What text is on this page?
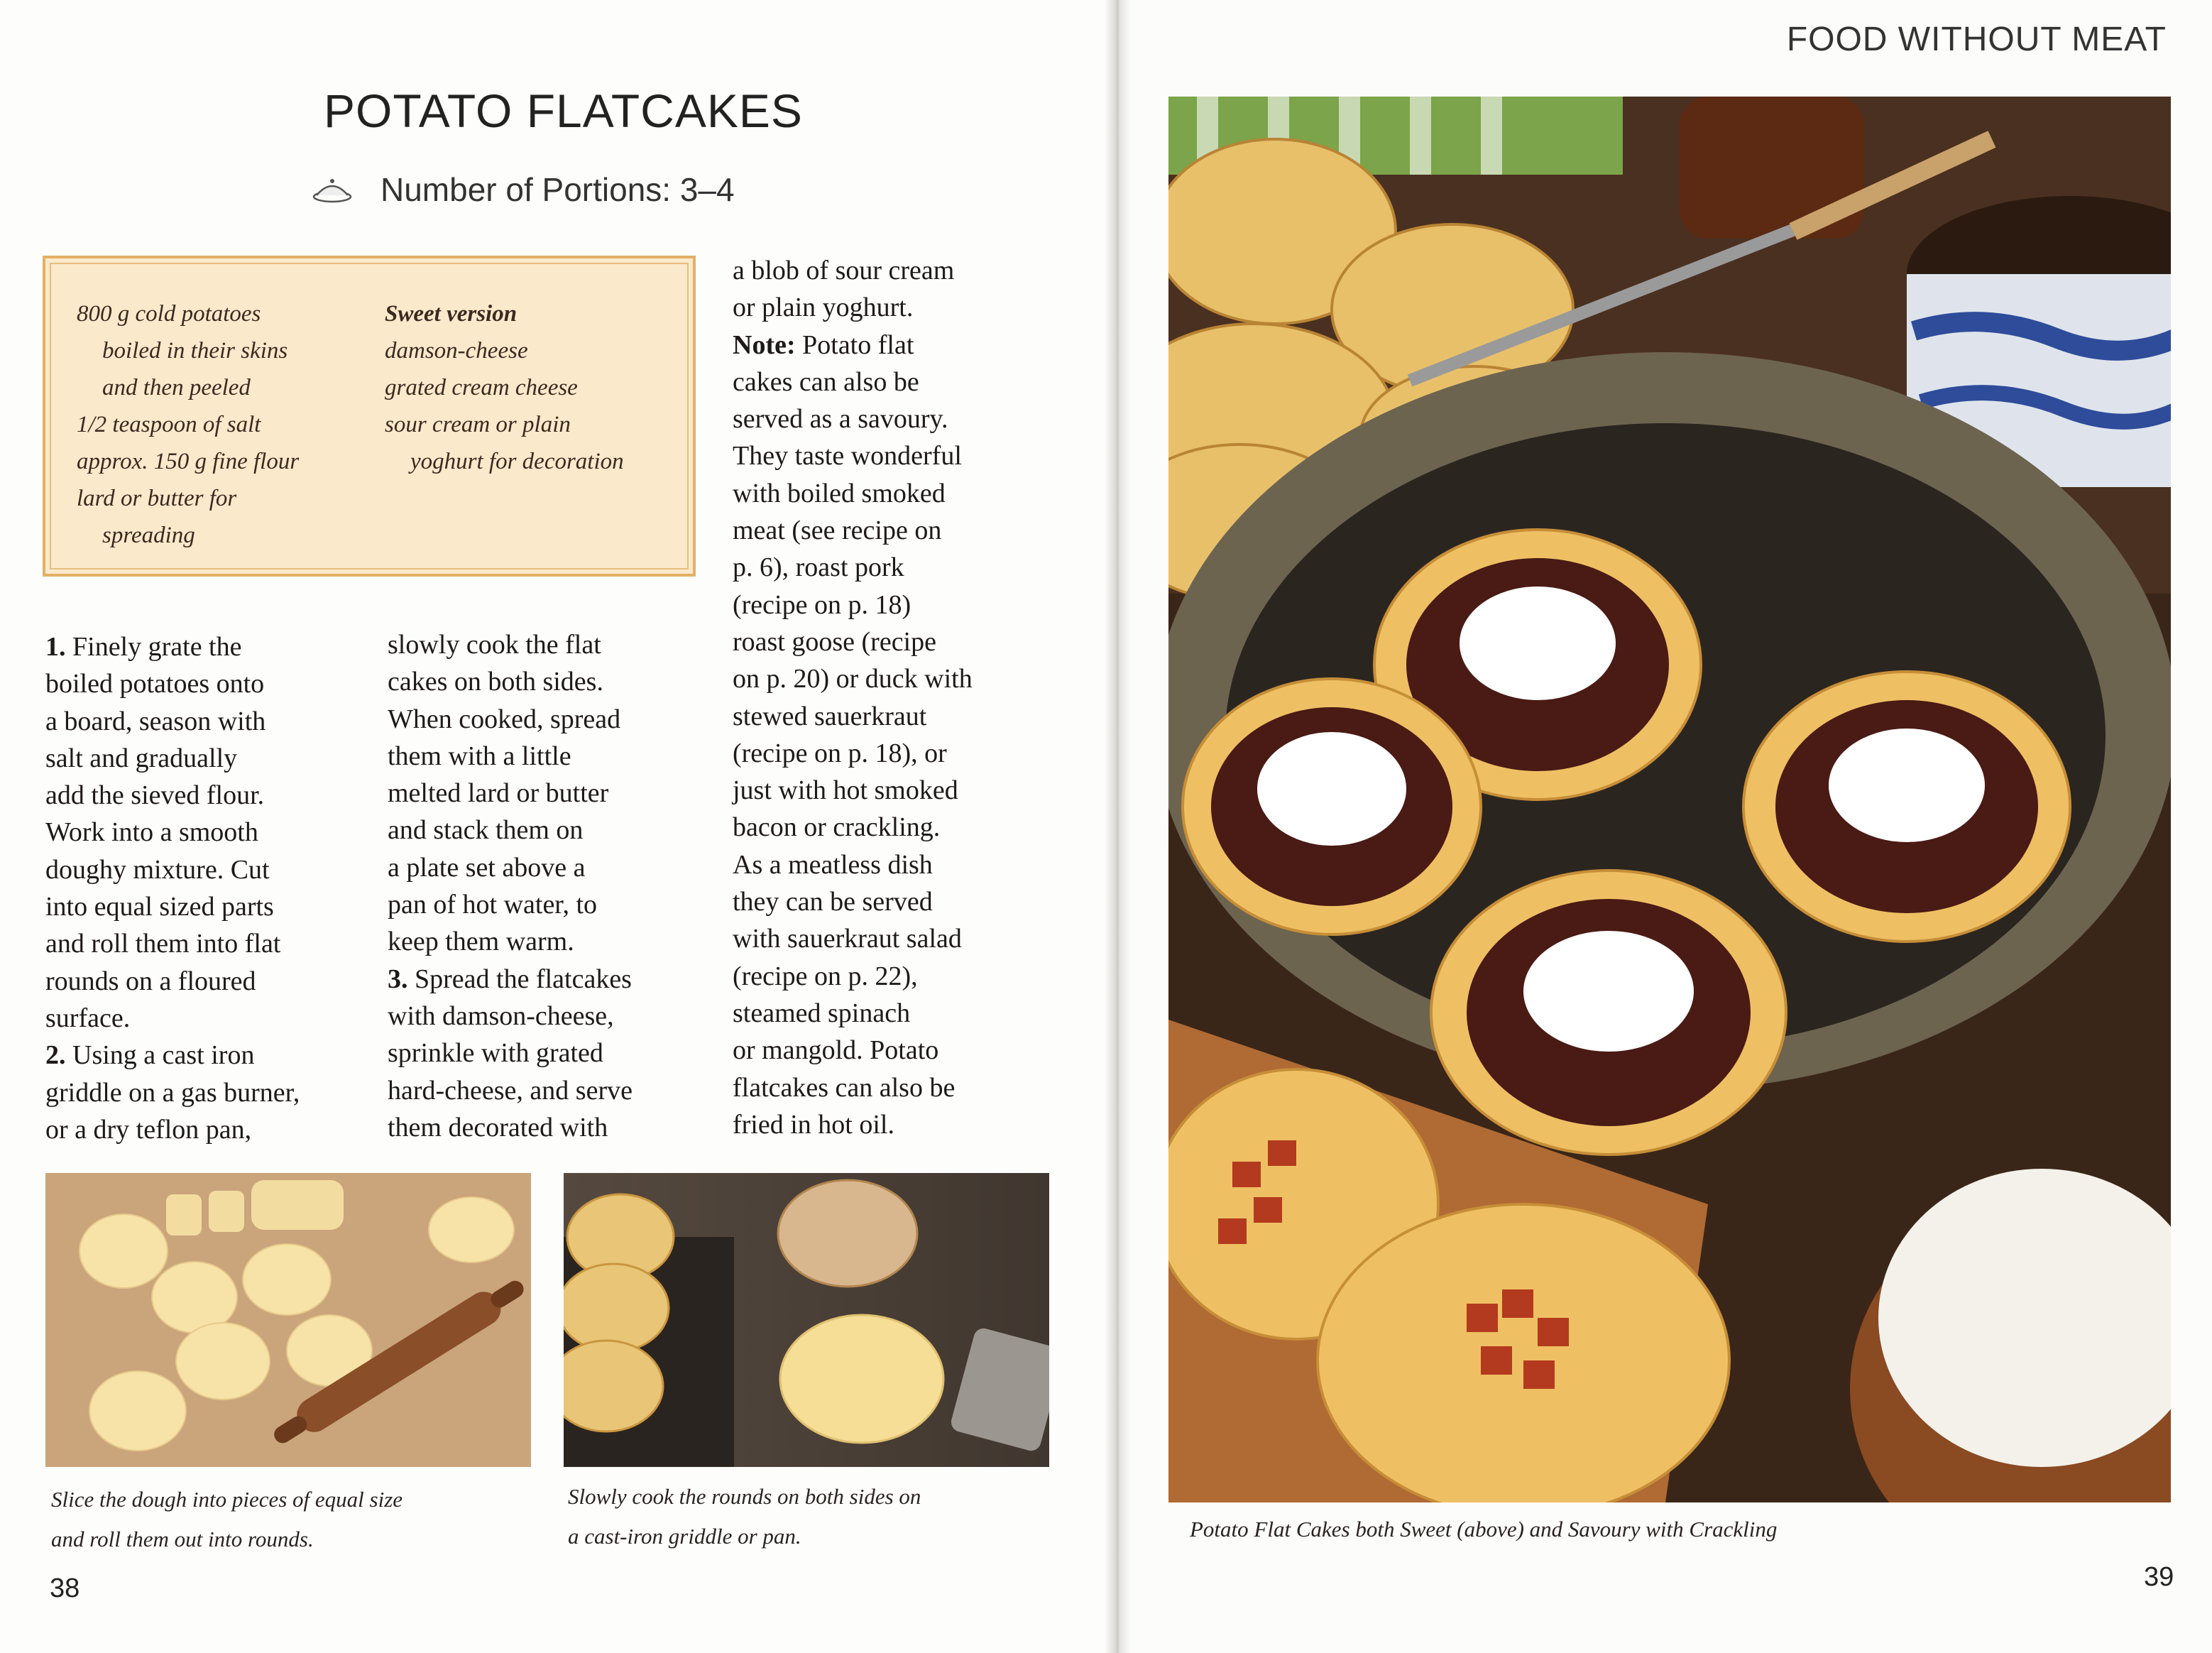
POTATO FLATCAKES
Number of Portions: 3–4
800 g cold potatoes
boiled in their skins
and then peeled
1/2 teaspoon of salt
approx. 150 g fine flour
lard or butter for
spreading
Sweet version
damson-cheese
grated cream cheese
sour cream or plain
yoghurt for decoration
a blob of sour cream
or plain yoghurt.
Note: Potato flat
cakes can also be
served as a savoury.
They taste wonderful
with boiled smoked
meat (see recipe on
p. 6), roast pork
(recipe on p. 18)
roast goose (recipe
on p. 20) or duck with
stewed sauerkraut
(recipe on p. 18), or
just with hot smoked
bacon or crackling.
As a meatless dish
they can be served
with sauerkraut salad
(recipe on p. 22),
steamed spinach
or mangold. Potato
flatcakes can also be
fried in hot oil.
1. Finely grate the
boiled potatoes onto
a board, season with
salt and gradually
add the sieved flour.
Work into a smooth
doughy mixture. Cut
into equal sized parts
and roll them into flat
rounds on a floured
surface.
2. Using a cast iron
griddle on a gas burner,
or a dry teflon pan,
slowly cook the flat
cakes on both sides.
When cooked, spread
them with a little
melted lard or butter
and stack them on
a plate set above a
pan of hot water, to
keep them warm.
3. Spread the flatcakes
with damson-cheese,
sprinkle with grated
hard-cheese, and serve
them decorated with
Slice the dough into pieces of equal size
and roll them out into rounds.
Slowly cook the rounds on both sides on
a cast-iron griddle or pan.
38
FOOD WITHOUT MEAT
Potato Flat Cakes both Sweet (above) and Savoury with Crackling
39
